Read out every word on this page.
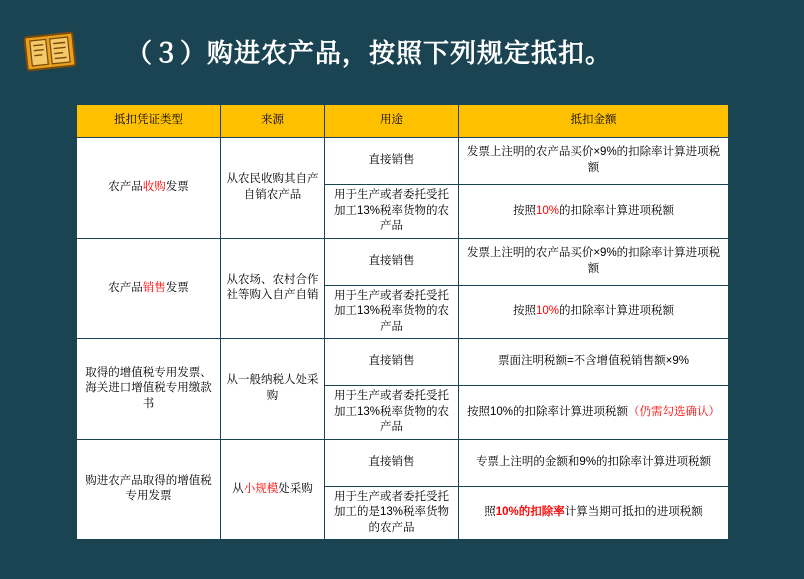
（３）购进农产品，按照下列规定抵扣。
抵扣凭证类型	来源	用途	抵扣金额
农产品收购发票	从农民收购其自产自销农产品	直接销售	发票上注明的农产品买价×9%的扣除率计算进项税额
		用于生产或者委托受托加工13%税率货物的农产品	按照10%的扣除率计算进项税额
农产品销售发票	从农场、农村合作社等购入自产自销	直接销售	发票上注明的农产品买价×9%的扣除率计算进项税额
		用于生产或者委托受托加工13%税率货物的农产品	按照10%的扣除率计算进项税额
取得的增值税专用发票、海关进口增值税专用缴款书	从一般纳税人处采购	直接销售	票面注明税额=不含增值税销售额×9%
		用于生产或者委托受托加工13%税率货物的农产品	按照10%的扣除率计算进项税额（仍需勾选确认）
购进农产品取得的增值税专用发票	从小规模处采购	直接销售	专票上注明的金额和9%的扣除率计算进项税额
		用于生产或者委托受托加工的是13%税率货物的农产品	照10%的扣除率计算当期可抵扣的进项税额
